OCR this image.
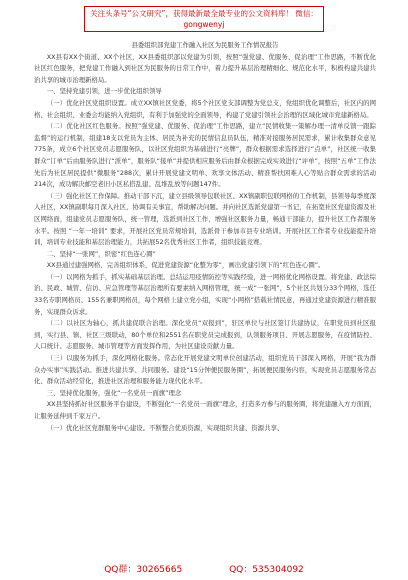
关注头条号“公文研究”，获得最新最全最专业的公文资料库！ 微信：gongwenyj

县委组织部党建工作融入社区为民服务工作情况报告

XX县有XX个街道、XX个社区，XX县委组织部以党建为引领，按照“强党建、优服务、促治理”工作思路，不断优化社区红色服务，把党建工作融入到社区为民服务的日常工作中，着力提升基层治理精细化、规范化水平，积极构建共建共治共享的城市治理新格局。

一、坚持党建引领，进一步优化组织领导

（一）优化社区党组织设置。成立XX镇社区党委，将5个社区党支部调整为党总支，党组织优化调整后，社区内的网格、社会组织、业委会均能纳入党组织，有利于加强党的全面领导，构建了党建引领社会治理的区域化城市党建新格局。

（二）优化社区红色服务。按照“强党建、优服务、促治理”工作思路，建立“民情收集一策解办理一清单反馈一跟踪监督”的运行机制，组建18支以党员为主体、居民为补充的民情信息员队伍，精准对接服务居民需求，累计收集群众意见775条，成立6个社区党员志愿服务队，以社区党组织为基础进行“亮牌”，群众根据需求选择进行“点单”，社区统一收集群众“订单”后由服务队进行“派单”，服务队“接单”并提供相应服务后由群众根据完成实效进行“评单”，按照“五单”工作法先后为社区居民提供“微服务”288次，累计开展党建文明单、欢享文体活动、精准帮扶困难人心等贴合群众需求的活动214次，成功解决邮空老旧小区私搭乱建、乱堆乱放等问题147件。

（三）强化社区工作保障。推动干部下沉，建立县级领导包联社区、XX镇副职包联网格的工作机制，县领导每季度深入社区，XX镇副职每月深入社区，协调有关事宜，帮助解决问题。并向社区选派党建第一书记，在拓宽社区党建资源及社区网络面，组建党员志愿服务队，统一管理，选派到社区工作，增强社区服务力量，畅通干部能力，提升社区工作者服务水平。按照 ”一年一培训” 要求，开展社区党员常规培训，选派骨干参加市县专业培训。开展社区工作者专业技能提升培训，培训专业技能和基层治理能力，共拓展52名优秀社区工作者，组织技能竞赛。

二、坚持“一张网”，织密“红色连心圈”

XX县通过建强网格、完善组织体系，促进党建资源“化整为零”，画出党建引领下的“红色连心圈”。

（一）以网格为抓手，抓实基础基层治理。总结运用疫情防控等实践经验，进一网格优化网格设置。将党建、政法综治、民政、城管、信访、应急管理等基层治理所有要素纳入网格管理，统一成“一张网”，5个社区共划分33个网格，选任33名专职网格员、155名兼职网格员，每个网格上建立党小组，实现“小网格”搭载社情民意，再通过党建资源进行精准服务，实现群众诉求。

（二）以社区为轴心，抓共建促联合治理。深化党员“双报到”，驻区单位与社区签订共建协议，在职党员到社区报到，实行县、镇、社区三级联动，80个单位和2551名在职党员完成报到，认领服务项目、开展志愿服务，在疫情防控、人口统计、志愿服务、城市管理等方面发挥作用，为社区建设贡献力量。

（三）以服务为抓手，深化网格化服务。常态化开展党建文明单位创建活动，组织党员干部深入网格，开展“我为群众办实事”实践活动。推进共建共享、共同服务。建设“15分钟便民服务圈”，拓展便民服务内容，实现党员志愿服务常态化、群众活动经常化，推进社区治理和服务能力现代化水平。

三、坚持优化服务，强化“一名党员一面旗”理念

XX县坚持抓好社区服务平台建设，不断强化“一名党员一面旗”理念，打造多方参与的服务圈，将党建融入方方面面，让服务延伸到千家万户。

（一）优化社区党群服务中心建设。不断整合优质资源，实现组织共建、资源共享、

QQ群：30265665	QQ：535304092
